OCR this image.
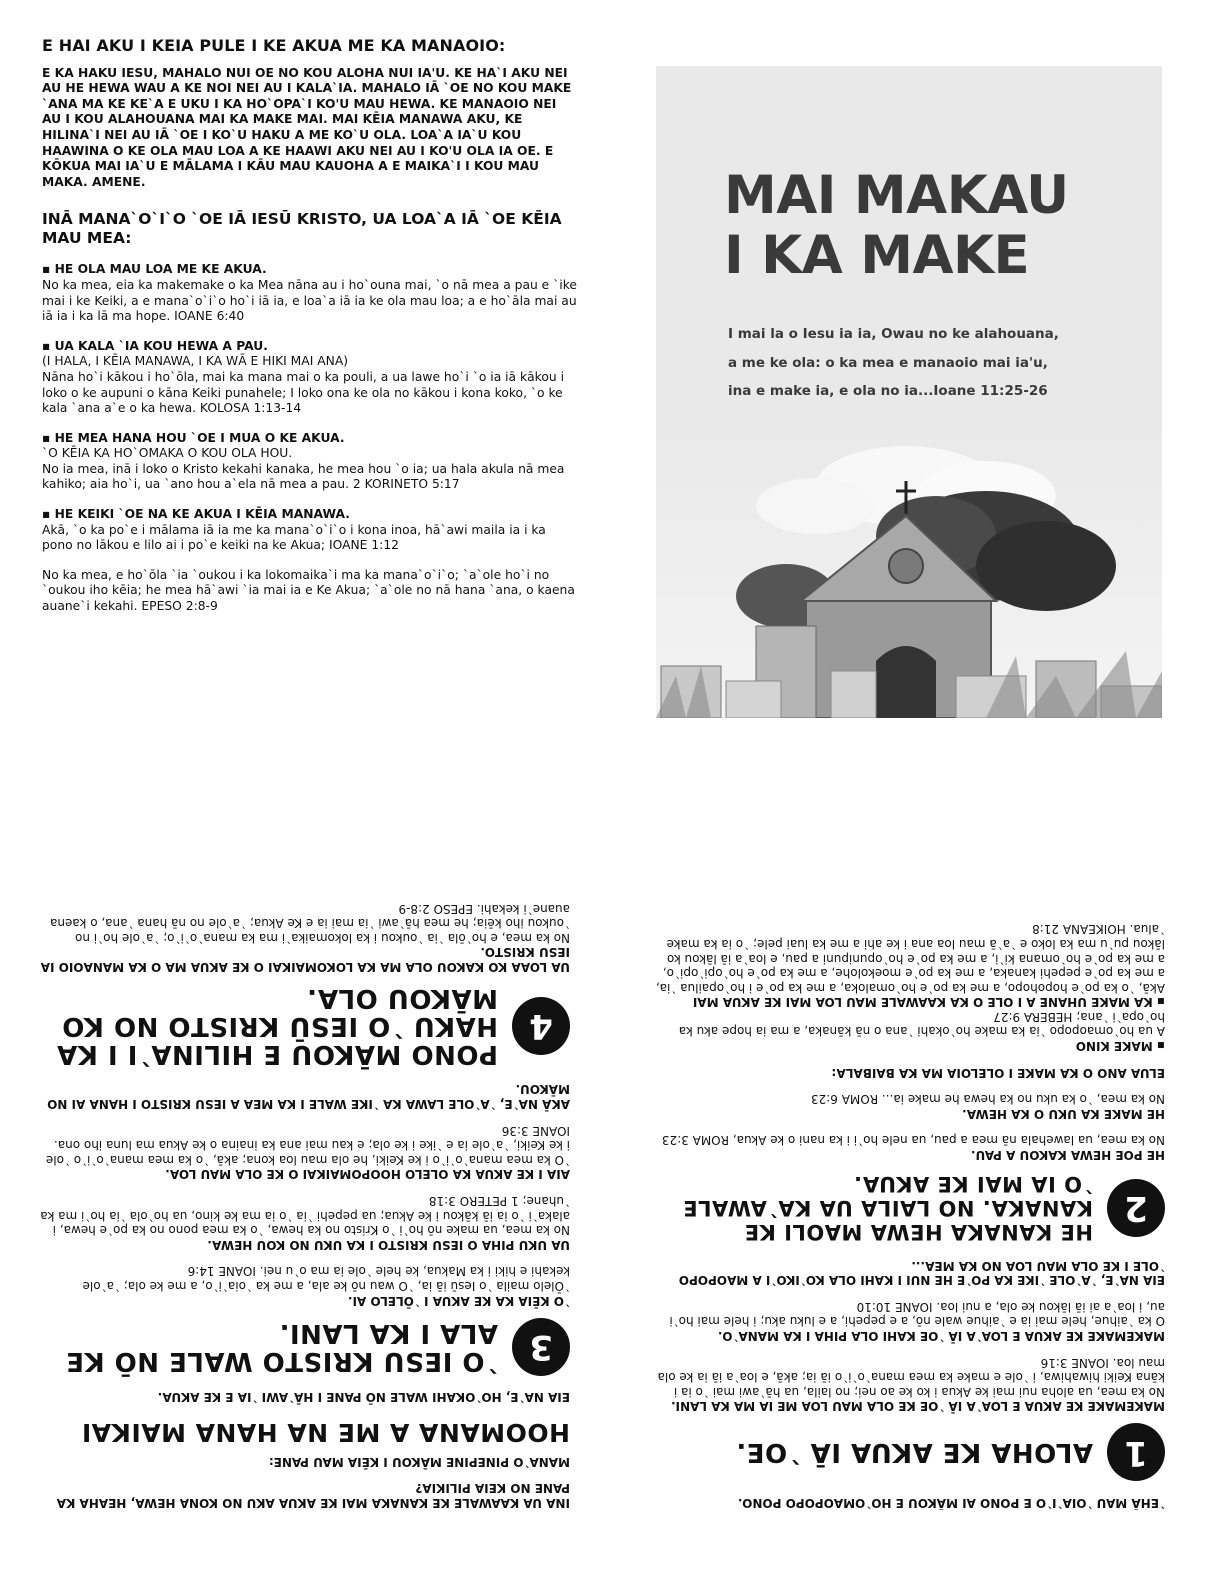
E HAI AKU I KEIA PULE I KE AKUA ME KA MANAOIO:

E KA HAKU IESU, MAHALO NUI OE NO KOU ALOHA NUI IA'U. KE HA`I AKU NEI AU HE HEWA WAU A KE NOI NEI AU I KALA`IA. MAHALO IĀ `OE NO KOU MAKE `ANA MA KE KE`A E UKU I KA HO`OPA`I KO'U MAU HEWA. KE MANAOIO NEI AU I KOU ALAHOUANA MAI KA MAKE MAI. MAI KĒIA MANAWA AKU, KE HILINA`I NEI AU IĀ `OE I KO`U HAKU A ME KO`U OLA. LOA`A IA`U KOU HAAWINA O KE OLA MAU LOA A KE HAAWI AKU NEI AU I KO'U OLA IA OE. E KŌKUA MAI IA`U E MĀLAMA I KĀU MAU KAUOHA A E MAIKA`I I KOU MAU MAKA. AMENE.

INĀ MANA`O`I`O `OE IĀ IESŪ KRISTO, UA LOA`A IĀ `OE KĒIA MAU MEA:

▪ HE OLA MAU LOA ME KE AKUA.

No ka mea, eia ka makemake o ka Mea nāna au i ho`ouna mai, `o nā mea a pau e `ike mai i ke Keiki, a e mana`o`i`o ho`i iā ia, e loa`a iā ia ke ola mau loa; a e ho`āla mai au iā ia i ka lā ma hope. IOANE 6:40

▪ UA KALA `IA KOU HEWA A PAU.

(I HALA, I KĒIA MANAWA, I KA WĀ E HIKI MAI ANA)

Nāna ho`i kākou i ho`ōla, mai ka mana mai o ka pouli, a ua lawe ho`i `o ia iā kākou i loko o ke aupuni o kāna Keiki punahele; I loko ona ke ola no kākou i kona koko, `o ke kala `ana a`e o ka hewa. KOLOSA 1:13-14

▪ HE MEA HANA HOU `OE I MUA O KE AKUA.

`O KĒIA KA HO`OMAKA O KOU OLA HOU.

No ia mea, inā i loko o Kristo kekahi kanaka, he mea hou `o ia; ua hala akula nā mea kahiko; aia ho`i, ua `ano hou a`ela nā mea a pau. 2 KORINETO 5:17

▪ HE KEIKI `OE NA KE AKUA I KĒIA MANAWA.

Akā, `o ka po`e i mālama iā ia me ka mana`o`i`o i kona inoa, hā`awi maila ia i ka pono no lākou e lilo ai i po`e keiki na ke Akua; IOANE 1:12

No ka mea, e ho`ōla `ia `oukou i ka lokomaika`i ma ka mana`o`i`o; `a`ole ho`i no `oukou iho kēia; he mea hā`awi `ia mai ia e Ke Akua; `a`ole no nā hana `ana, o kaena auane`i kekahi. EPESO 2:8-9

MAI MAKAU
I KA MAKE
I mai la o Iesu ia ia, Owau no ke alahouana,
a me ke ola: o ka mea e manaoio mai ia'u,
ina e make ia, e ola no ia...Ioane 11:25-26

INA UA KAAWALE KE KANAKA MAI KE AKUA AKU NO KONA HEWA, HEAHA KA PANE NO KEIA PILIKIA?

MANA`O PINEPINE MĀKOU I KĒIA MAU PANE:

HOOMANA A ME NA HANA MAIKAI

EIA NA`E, HO`OKAHI WALE NŌ PANE I HĀ`AWI `IA E KE AKUA.

3
`O IESU KRISTO WALE NŌ KE ALA I KA LANI.

`O KĒIA KA KE AKUA I `ŌLELO AI.

`Ōlelo maila `o Iesū iā ia, `O wau nō ke ala, a me ka `oia`i`o, a me ke ola; `a`ole kekahi e hiki i ka Makua, ke hele `ole ia ma o`u nei. IOANE 14:6

UA UKU PIHA O IESU KRISTO I KA UKU NO KOU HEWA.

No ka mea, ua make nō ho`i `o Kristo no ka hewa, `o ka mea pono no ka po`e hewa, i alaka`i `o ia iā kākou i ke Akua; ua pepehi `ia `o ia ma ke kino, ua ho`ola `ia ho`i ma ka `uhane; 1 PETERO 3:18

AIA I KE AKUA KA OLELO HOOPOMAIKAI O KE OLA MAU LOA.

`O ka mea mana`o`i`o i ke Keiki, he ola mau loa kona; akā, `o ka mea mana`o`i`o `ole i ke Keiki, `a`ole ia e `ike i ke ola; e kau mai ana ka inaina o ke Akua ma luna iho ona. IOANE 3:36

AKĀ NA`E, `A`OLE LAWA KA `IKE WALE I KA MEA A IESU KRISTO I HANA AI NO MĀKOU.

4
PONO MĀKOU E HILINA`I I KA HAKU `O IESŪ KRISTO NO KO MĀKOU OLA.

UA LOAA KO KAKOU OLA MA KA LOKOMAIKAI O KE AKUA MA O KA MANAOIO IA IESU KRISTO.

No ka mea, e ho`ōla `ia `oukou i ka lokomaika`i ma ka mana`o`i`o; `a`ole ho`i no `oukou iho kēia; he mea hā`awi `ia mai ia e Ke Akua; `a`ole no nā hana `ana, o kaena auane`i kekahi. EPESO 2:8-9

`EHĀ MAU `OIA`I`O E PONO AI MĀKOU E HO`OMAOPOPO PONO.

1
ALOHA KE AKUA IĀ `OE.

MAKEMAKE KE AKUA E LOA`A IĀ `OE KE OLA MAU LOA ME IA MA KA LANI.

No ka mea, ua aloha nui mai ke Akua i ko ke ao nei; no laila, ua hā`awi mai `o ia i kāna Keiki hiwahiwa, i `ole e make ka mea mana`o`i`o iā ia; akā, e loa`a iā ia ke ola mau loa. IOANE 3:16

MAKEMAKE KE AKUA E LOA`A IĀ `OE KAHI OLA PIHA I KA MANA`O.

O ka `aihue, hele mai ia e `aihue wale nō, a e pepehi, a e luku aku; i hele mai ho`i au, i loa`a ai iā lākou ke ola, a nui loa. IOANE 10:10

EIA NA`E, `A`OLE `IKE KA PO`E HE NUI I KAHI OLA KO`IKO`I A MAOPOPO `OLE I KE OLA MAU LOA NO KA MEA...

2
HE KANAKA HEWA MAOLI KE KANAKA. NO LAILA UA KA`AWALE `O IA MAI KE AKUA.

HE POE HEWA KAKOU A PAU.

No ka mea, ua lawehala nā mea a pau, ua nele ho`i i ka nani o ke Akua, ROMA 3:23

HE MAKE KA UKU O KA HEWA.

No ka mea, `o ka uku no ka hewa he make ia... ROMA 6:23

ELUA ANO O KA MAKE I OLELOIA MA KA BAIBALA:

▪ MAKE KINO

A ua ho`omaopopo `ia ka make ho`okahi `ana o nā kānaka, a ma ia hope aku ka ho`opa`i `ana; HEBERA 9:27

▪ KA MAKE UHANE A I OLE O KA KAAWALE MAU LOA MAI KE AKUA MAI

Akā, `o ka po`e hopohopo, a me ka po`e ho`omaloka, a me ka po`e i ho`opailua `ia, a me ka po`e pepehi kanaka, a me ka po`e moekolohe, a me ka po`e ho`opi`opi`o, a me ka po`e ho`omana ki`i, a me ka po`e ho`opunipuni a pau, e loa`a iā lākou ko lākou pu`u ma ka loko e `a`ā mau loa ana i ke ahi a me ka luai pele; `o ia ka make `alua. HOIKEANA 21:8
